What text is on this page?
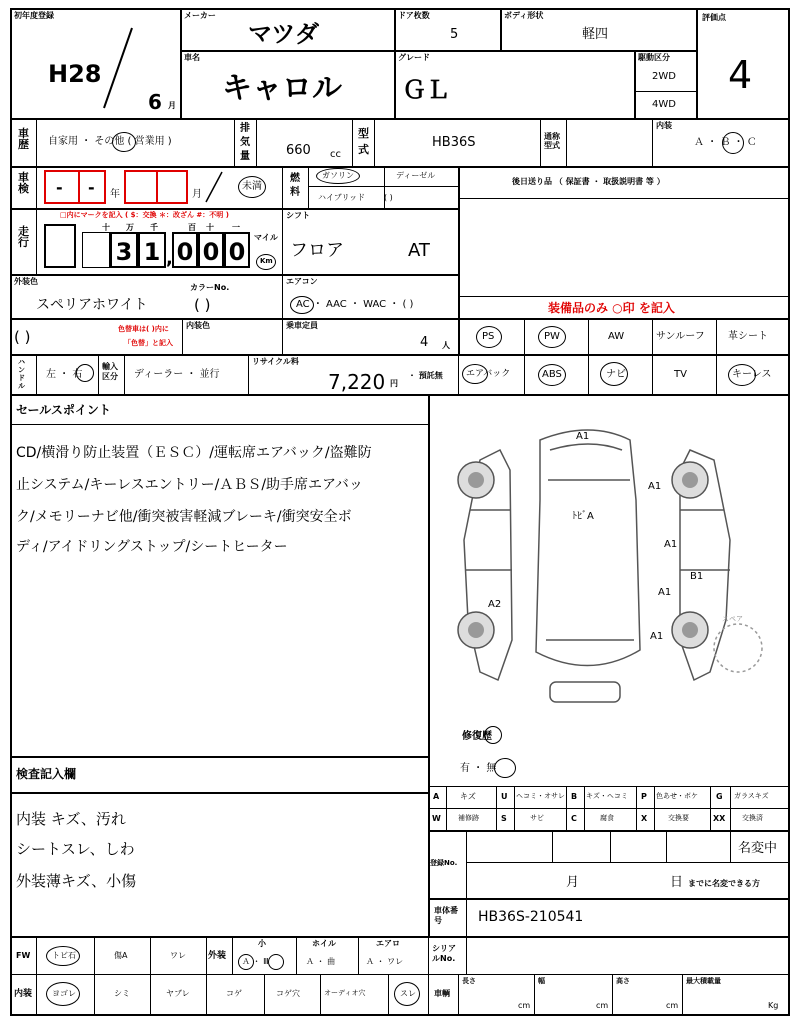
初年度登録
H28
6 月
メーカー
マツダ
ドア枚数
5
ボディ形状
軽四
評価点
4
車名
キャロル
グレード
ＧＬ
駆動区分
2WD
4WD
車歴 自家用 ・ その他 ( 営業用 )
排気量	660 cc
型式	HB36S	通称型式
内装
Ａ ・ Ｂ ・ Ｃ
車検 - - 年	月
未満
燃料
ガソリン	ディーゼル
ハイブリッド ( )
後日送り品 （ 保証書 ・ 取扱説明書 等 ）
走行
□内にマークを記入 ( $：交換 ＊：改ざん #：不明 )
3 1 0 0 0
,
十 万 千	百 十 一
マイル
Km
シフト
フロア	AT
外装色
スペリアホワイト
カラーNo.
( )
エアコン
AC ・ AAC ・ WAC ・ ( )	装備品のみ ○印 を記入
( )	色替車は( )内に
「色替」と記入
内装色	乗車定員
4 人
PS	PW	AW	サンルーフ 革シート
ハンドル
左 ・ 右
輸入区分	ディーラー ・ 並行
リサイクル料
7,220 円
・ 預託無	エアバック	ABS	ナビ	TV	キーレス
セールスポイント
CD/横滑り防止装置（ＥＳＣ）/運転席エアバック/盗難防
止システム/キーレスエントリー/ＡＢＳ/助手席エアバッ
ク/メモリーナビ他/衝突被害軽減ブレーキ/衝突安全ボ
ディ/アイドリングストップ/シートヒーター
A1
A1
ﾄﾋﾞA
A1
B1
A1
A2
A1
スペア
修復歴
有 ・ 無
A	キズ	U ヘコミ・オサレ B キズ・ヘコミ P 色あせ・ボケ G ガラスキズ
W 補修跡	S	サビ	C	腐食	X	交換要	XX 交換済
検査記入欄
内装 キズ、汚れ
シートスレ、しわ
外装薄キズ、小傷
登録No.
名変中
月	日 までに名変できる方
車体番号	HB36S-210541
シリアルNo.
FW	トビ石	傷A	ワレ 外装
小
Ａ ・ Ⅲ
ホイル
Ａ ・ 曲
エアロ
Ａ ・ ワレ
内装 ヨゴレ	シミ	ヤブレ	コゲ	コゲ穴	オーディオ穴	スレ 車輌
長さ
cm
幅
cm
高さ
cm
最大積載量
Kg
